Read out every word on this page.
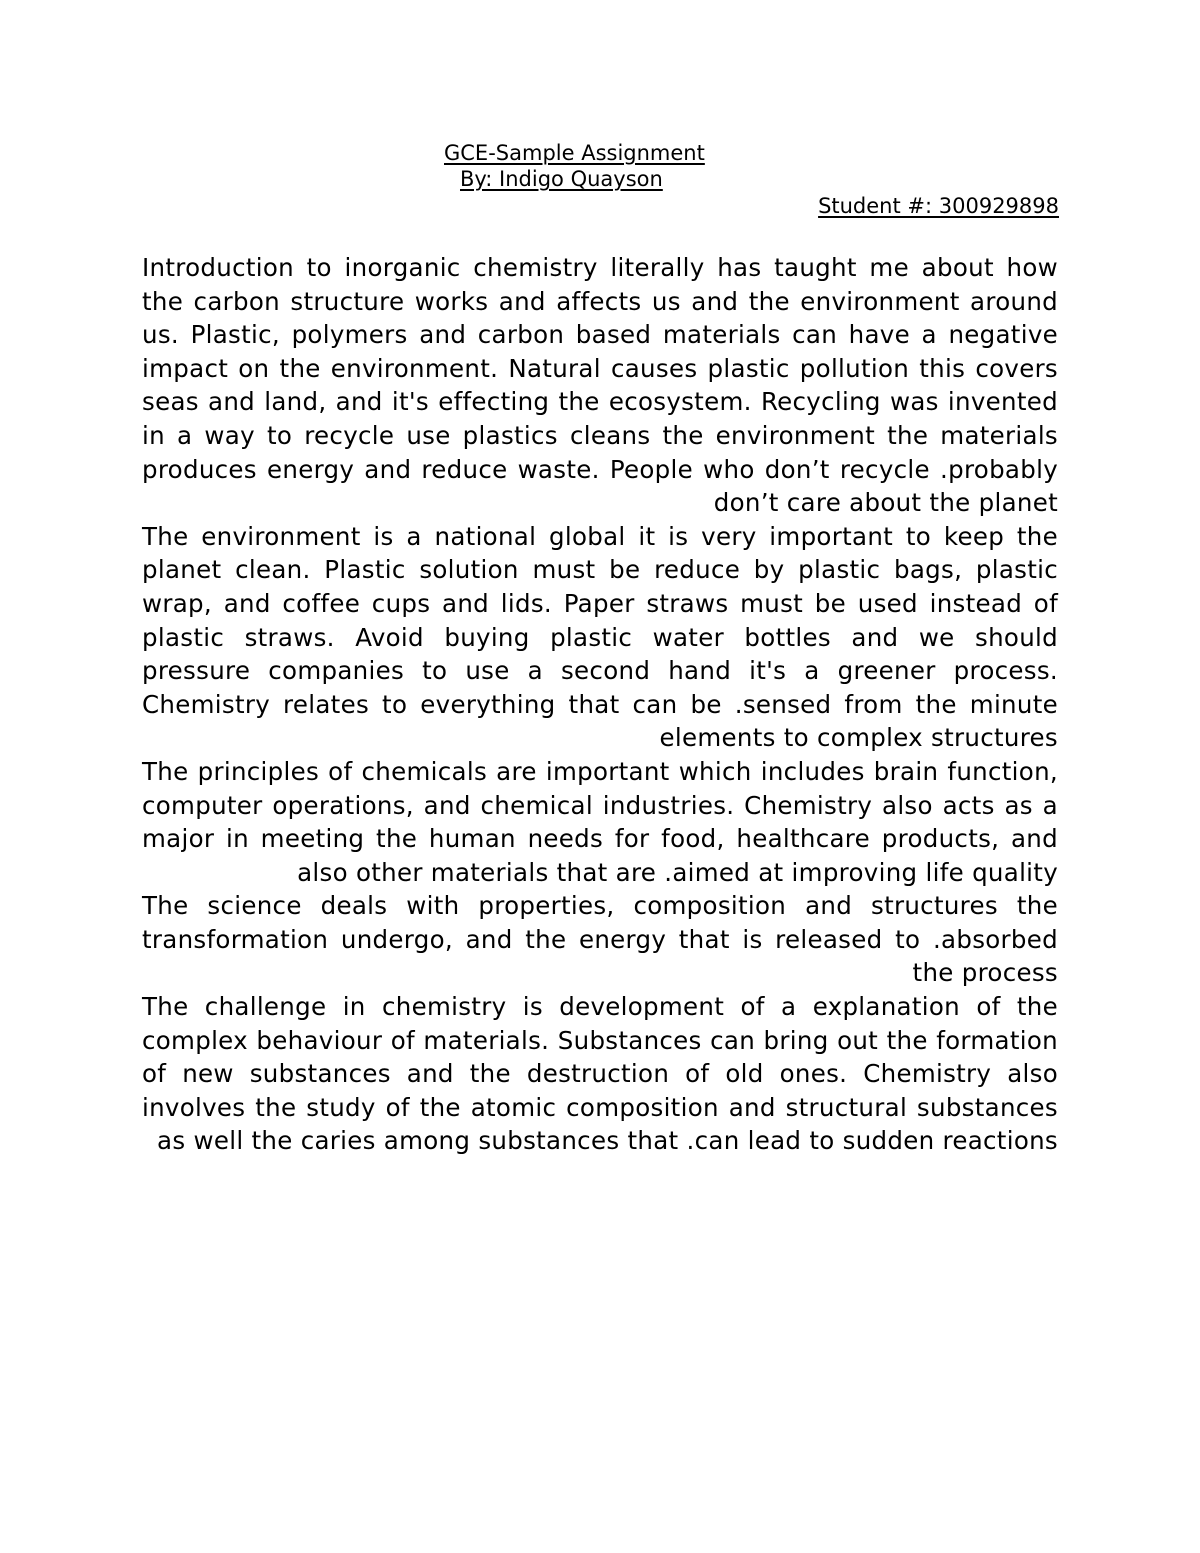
GCE-Sample Assignment
By: Indigo Quayson
Student #: 300929898

Introduction to inorganic chemistry literally has taught me about how the carbon structure works and affects us and the environment around us. Plastic, polymers and carbon based materials can have a negative impact on the environment. Natural causes plastic pollution this covers seas and land, and it's effecting the ecosystem. Recycling was invented in a way to recycle use plastics cleans the environment the materials produces energy and reduce waste. People who don’t recycle .probably don’t care about the planet

The environment is a national global it is very important to keep the planet clean. Plastic solution must be reduce by plastic bags, plastic wrap, and coffee cups and lids. Paper straws must be used instead of plastic straws. Avoid buying plastic water bottles and we should pressure companies to use a second hand it's a greener process. Chemistry relates to everything that can be .sensed from the minute elements to complex structures

The principles of chemicals are important which includes brain function, computer operations, and chemical industries. Chemistry also acts as a major in meeting the human needs for food, healthcare products, and also other materials that are .aimed at improving life quality

The science deals with properties, composition and structures the transformation undergo, and the energy that is released to .absorbed the process

The challenge in chemistry is development of a explanation of the complex behaviour of materials. Substances can bring out the formation of new substances and the destruction of old ones. Chemistry also involves the study of the atomic composition and structural substances as well the caries among substances that .can lead to sudden reactions
